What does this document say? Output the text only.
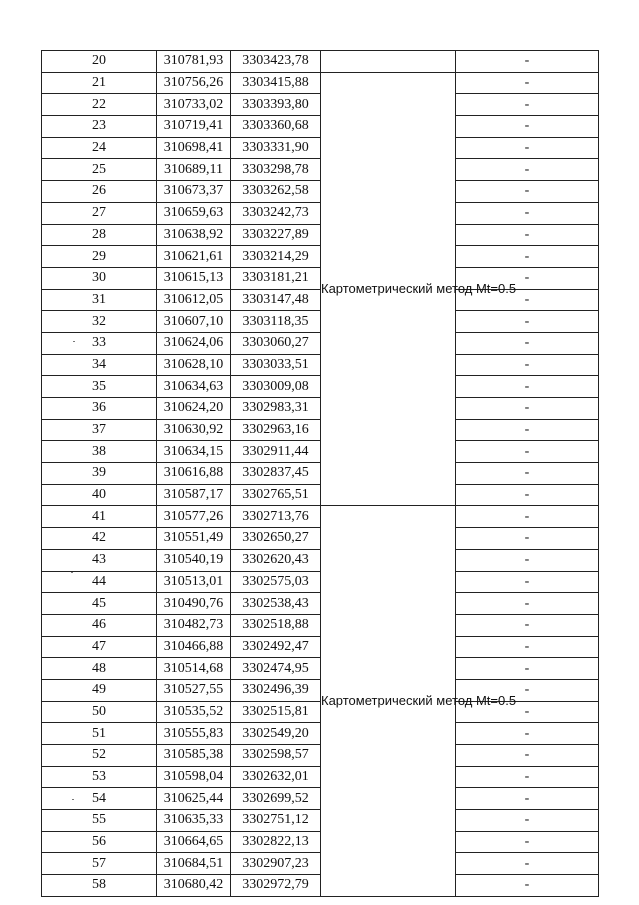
20	310781,93	3303423,78		-
21	310756,26	3303415,88	Картометрический метод Mt=0.5	-
22	310733,02	3303393,80		-
23	310719,41	3303360,68		-
24	310698,41	3303331,90		-
25	310689,11	3303298,78		-
26	310673,37	3303262,58		-
27	310659,63	3303242,73		-
28	310638,92	3303227,89		-
29	310621,61	3303214,29		-
30	310615,13	3303181,21		-
31	310612,05	3303147,48		-
32	310607,10	3303118,35		-
33	310624,06	3303060,27		-
34	310628,10	3303033,51		-
35	310634,63	3303009,08		-
36	310624,20	3302983,31		-
37	310630,92	3302963,16		-
38	310634,15	3302911,44		-
39	310616,88	3302837,45		-
40	310587,17	3302765,51		-
41	310577,26	3302713,76	Картометрический метод Mt=0.5	-
42	310551,49	3302650,27		-
43	310540,19	3302620,43		-
44	310513,01	3302575,03		-
45	310490,76	3302538,43		-
46	310482,73	3302518,88		-
47	310466,88	3302492,47		-
48	310514,68	3302474,95		-
49	310527,55	3302496,39		-
50	310535,52	3302515,81		-
51	310555,83	3302549,20		-
52	310585,38	3302598,57		-
53	310598,04	3302632,01		-
54	310625,44	3302699,52		-
55	310635,33	3302751,12		-
56	310664,65	3302822,13		-
57	310684,51	3302907,23		-
58	310680,42	3302972,79		-
